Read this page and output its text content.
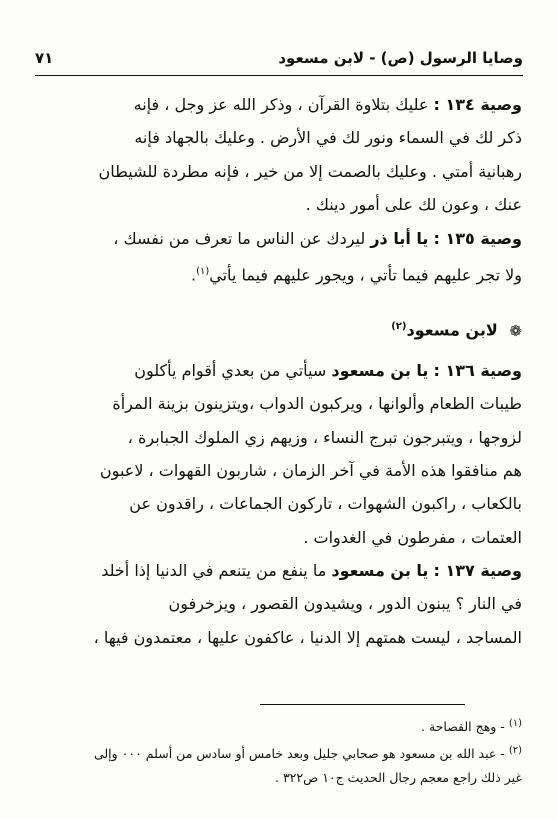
وصايا الرسول (ص) - لابن مسعود
٧١
وصية ١٣٤ : عليك بتلاوة القرآن ، وذكر الله عز وجل ، فإنه
ذكر لك في السماء ونور لك في الأرض . وعليك بالجهاد فإنه
رهبانية أمتي . وعليك بالصمت إلا من خير ، فإنه مطردة للشيطان
عنك ، وعون لك على أمور دينك .
وصية ١٣٥ : يا أبا ذر ليردك عن الناس ما تعرف من نفسك ،
ولا تجر عليهم فيما تأتي ، ويجور عليهم فيما يأتي$^{(١)}$.
❁ لابن مسعود$^{(٢)}$
وصية ١٣٦ : يا بن مسعود سيأتي من بعدي أقوام يأكلون
طيبات الطعام وألوانها ، ويركبون الدواب ،ويتزينون بزينة المرأة
لزوجها ، ويتبرجون تبرج النساء ، وزيهم زي الملوك الجبابرة ،
هم منافقوا هذه الأمة في آخر الزمان ، شاربون القهوات ، لاعبون
بالكعاب ، راكبون الشهوات ، تاركون الجماعات ، راقدون عن
العتمات ، مفرطون في الغدوات .
وصية ١٣٧ : يا بن مسعود ما ينفع من يتنعم في الدنيا إذا أخلد
في النار ؟ يبنون الدور ، ويشيدون القصور ، ويزخرفون
المساجد ، ليست همتهم إلا الدنيا ، عاكفون عليها ، معتمدون فيها ،
$^{(١)}$ - وهج الفصاحة .
$^{(٢)}$ - عبد الله بن مسعود هو صحابي جليل وبعد خامس أو سادس من أسلم ٠٠٠ وإلى
غير ذلك راجع معجم رجال الحديث ج١٠ ص٣٢٢ .
